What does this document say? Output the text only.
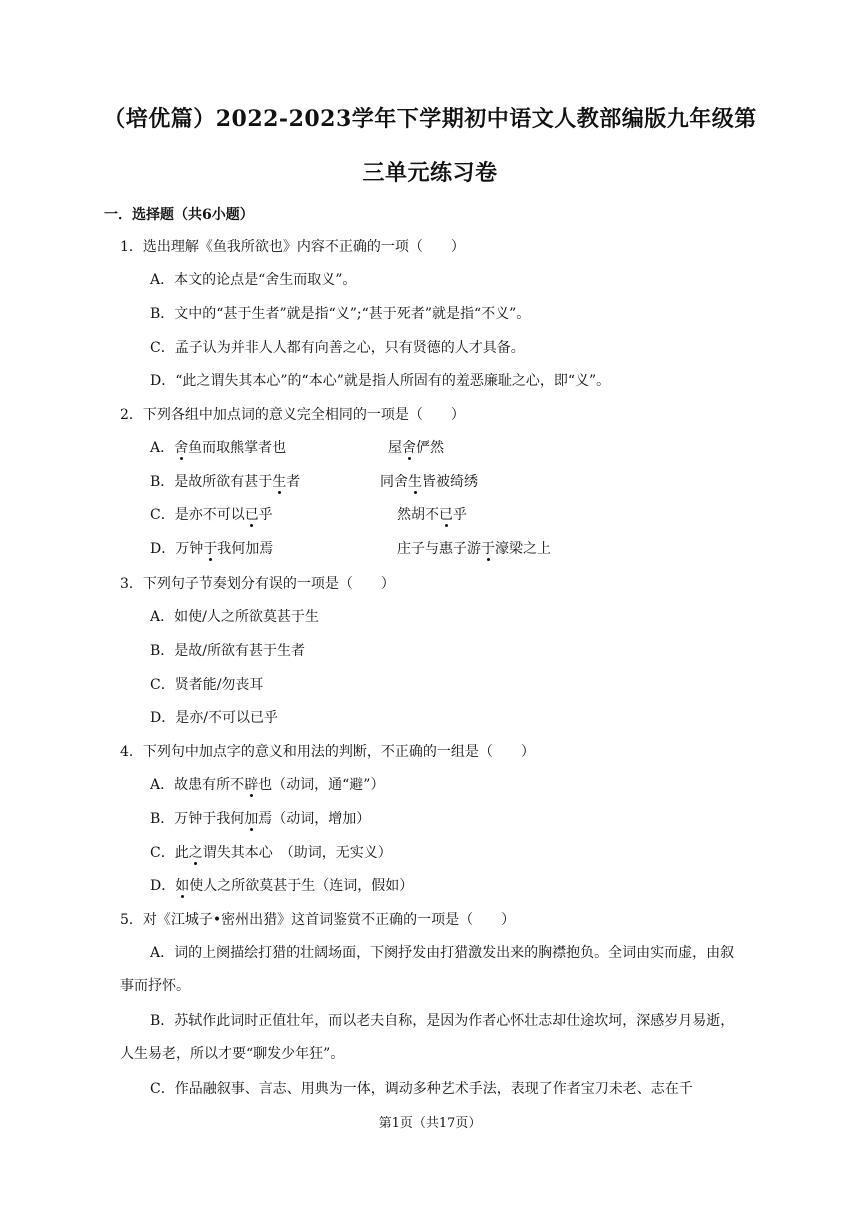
（培优篇）2022-2023学年下学期初中语文人教部编版九年级第
三单元练习卷
一．选择题（共6小题）
1．选出理解《鱼我所欲也》内容不正确的一项（　　）
A．本文的论点是“舍生而取义”。
B．文中的“甚于生者”就是指“义”;“甚于死者”就是指“不义”。
C．孟子认为并非人人都有向善之心，只有贤德的人才具备。
D．“此之谓失其本心”的“本心”就是指人所固有的羞恶廉耻之心，即“义”。
2．下列各组中加点词的意义完全相同的一项是（　　）
A．舍鱼而取熊掌者也	屋舍俨然
B．是故所欲有甚于生者	同舍生皆被绮绣
C．是亦不可以已乎	然胡不已乎
D．万钟于我何加焉	庄子与惠子游于濠梁之上
3．下列句子节奏划分有误的一项是（　　）
A．如使/人之所欲莫甚于生
B．是故/所欲有甚于生者
C．贤者能/勿丧耳
D．是亦/不可以已乎
4．下列句中加点字的意义和用法的判断，不正确的一组是（　　）
A．故患有所不辟也（动词，通“避”）
B．万钟于我何加焉（动词，增加）
C．此之谓失其本心　（助词，无实义）
D．如使人之所欲莫甚于生（连词，假如）
5．对《江城子•密州出猎》这首词鉴赏不正确的一项是（　　）
A．词的上阕描绘打猎的壮阔场面，下阕抒发由打猎激发出来的胸襟抱负。全词由实而虚，由叙事而抒怀。
B．苏轼作此词时正值壮年，而以老夫自称，是因为作者心怀壮志却仕途坎坷，深感岁月易逝，人生易老，所以才要“聊发少年狂”。
C．作品融叙事、言志、用典为一体，调动多种艺术手法，表现了作者宝刀未老、志在千
第1页（共17页）
